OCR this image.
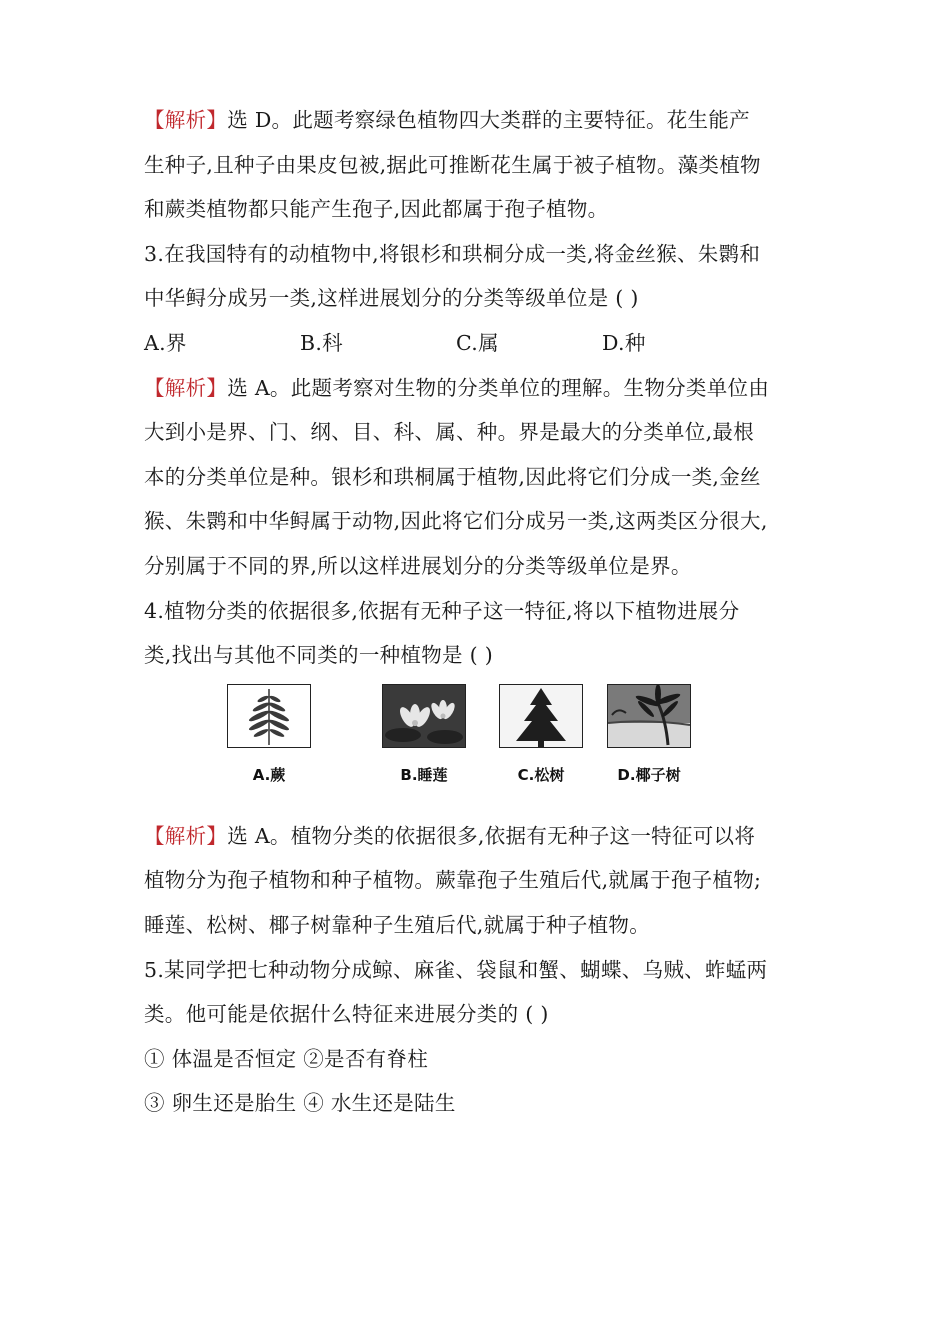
【解析】选 D。此题考察绿色植物四大类群的主要特征。花生能产
生种子,且种子由果皮包被,据此可推断花生属于被子植物。藻类植物
和蕨类植物都只能产生孢子,因此都属于孢子植物。
3.在我国特有的动植物中,将银杉和珙桐分成一类,将金丝猴、朱鹮和
中华鲟分成另一类,这样进展划分的分类等级单位是 ( )
A.界	B.科	C.属	D.种
【解析】选 A。此题考察对生物的分类单位的理解。生物分类单位由
大到小是界、门、纲、目、科、属、种。界是最大的分类单位,最根
本的分类单位是种。银杉和珙桐属于植物,因此将它们分成一类,金丝
猴、朱鹮和中华鲟属于动物,因此将它们分成另一类,这两类区分很大,
分别属于不同的界,所以这样进展划分的分类等级单位是界。
4.植物分类的依据很多,依据有无种子这一特征,将以下植物进展分
类,找出与其他不同类的一种植物是 ( )
A.蕨	B.睡莲	C.松树	D.椰子树
【解析】选 A。植物分类的依据很多,依据有无种子这一特征可以将
植物分为孢子植物和种子植物。蕨靠孢子生殖后代,就属于孢子植物;
睡莲、松树、椰子树靠种子生殖后代,就属于种子植物。
5.某同学把七种动物分成鲸、麻雀、袋鼠和蟹、蝴蝶、乌贼、蚱蜢两
类。他可能是依据什么特征来进展分类的 ( )
① 体温是否恒定 ②是否有脊柱
③ 卵生还是胎生 ④ 水生还是陆生
